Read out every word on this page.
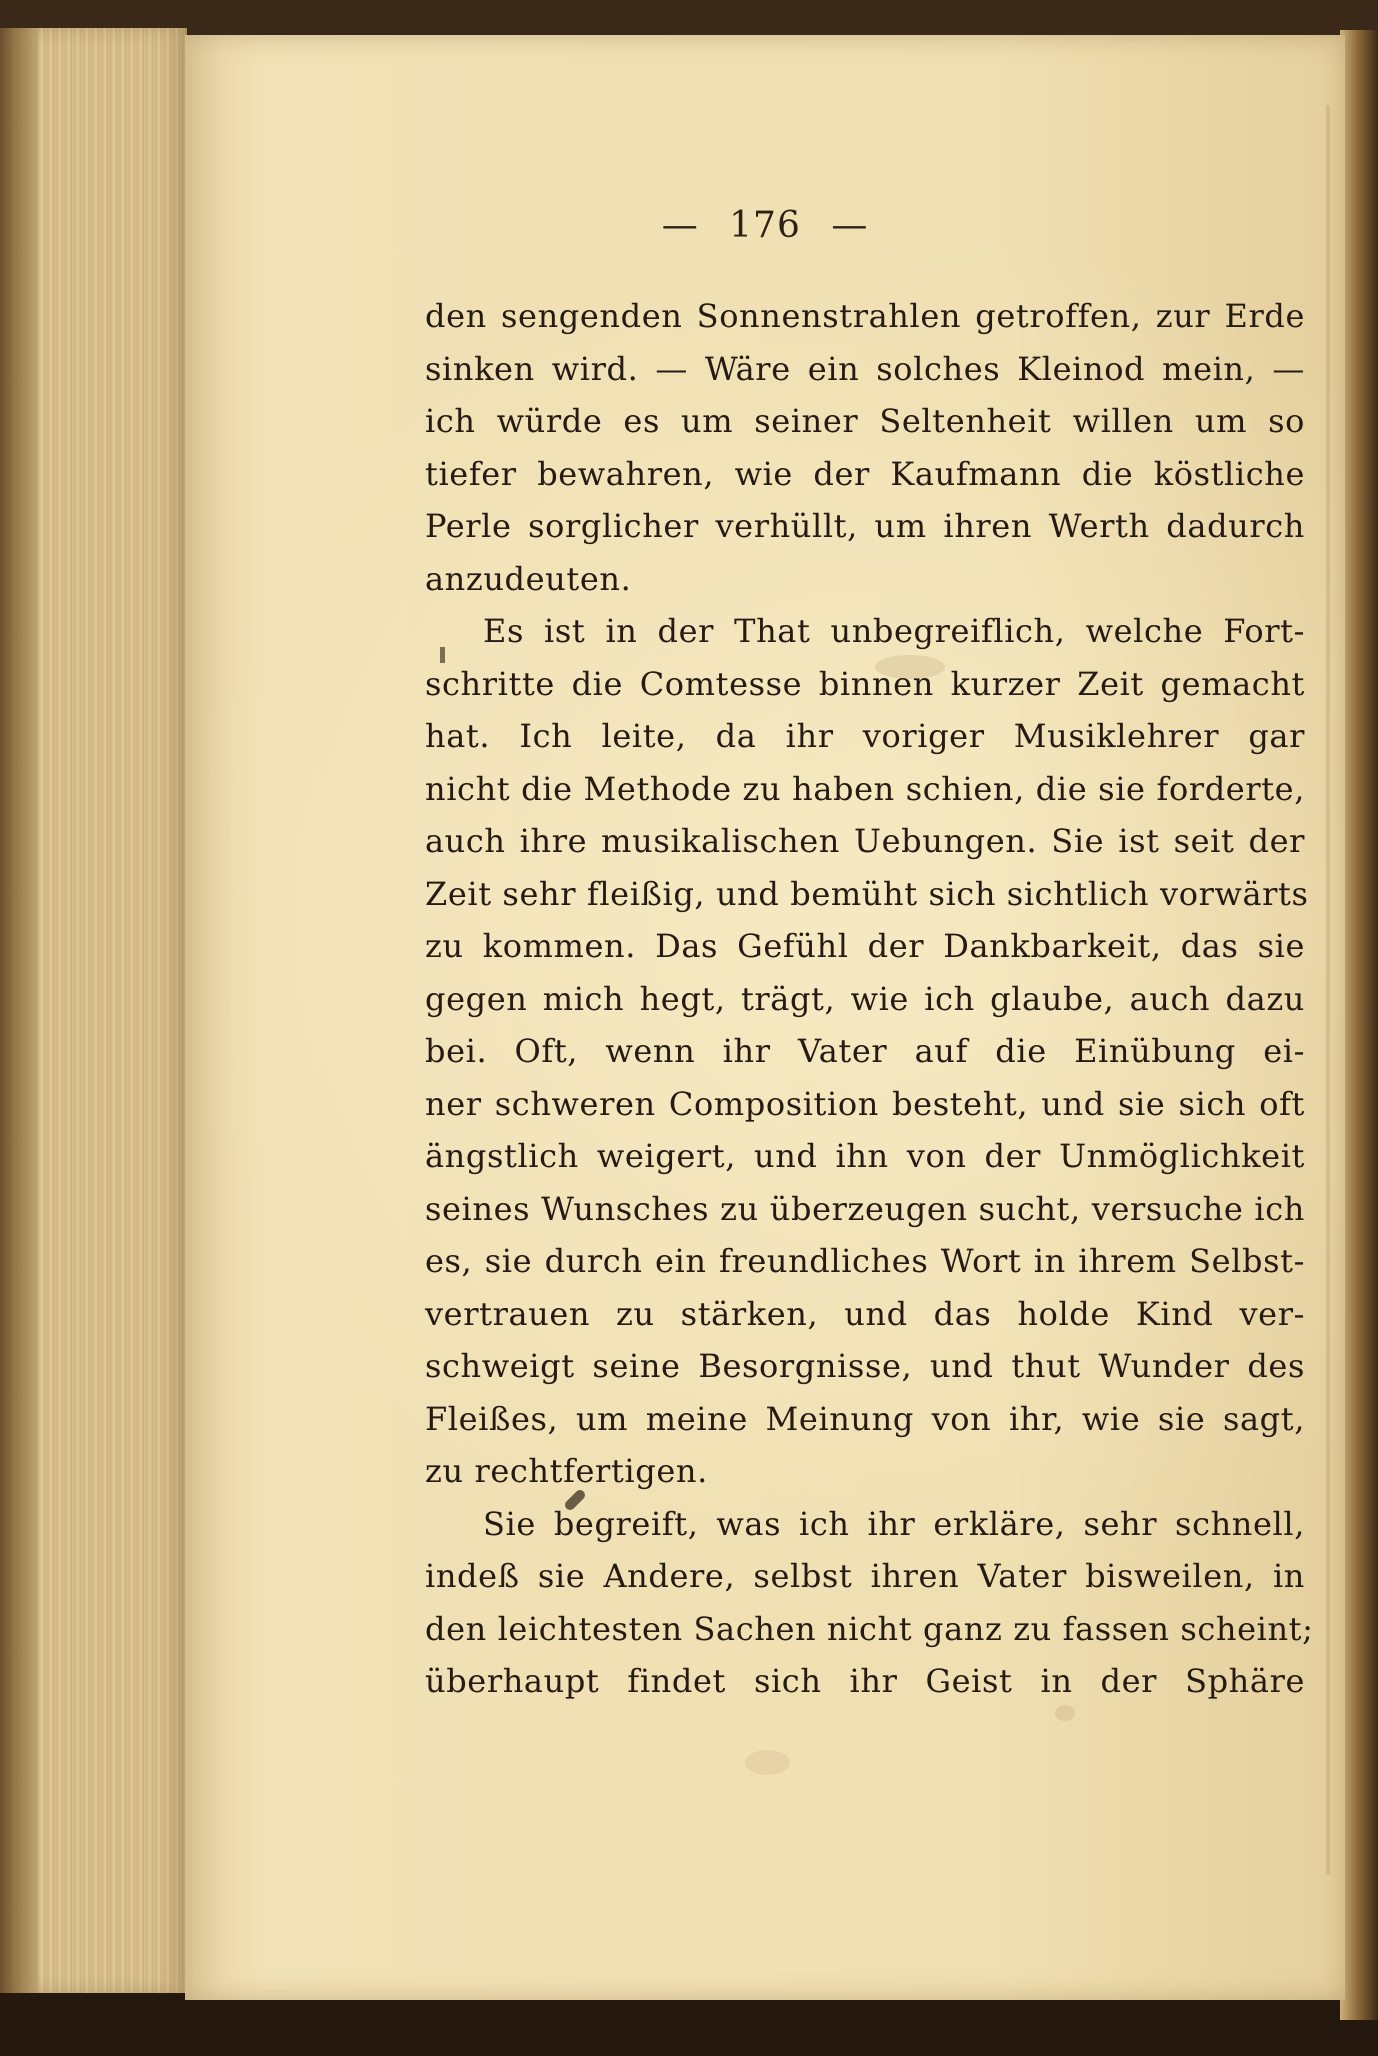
— 176 —
den sengenden Sonnenstrahlen getroffen, zur Erde
sinken wird. — Wäre ein solches Kleinod mein, —
ich würde es um seiner Seltenheit willen um so
tiefer bewahren, wie der Kaufmann die köstliche
Perle sorglicher verhüllt, um ihren Werth dadurch
anzudeuten.
Es ist in der That unbegreiflich, welche Fort-
schritte die Comtesse binnen kurzer Zeit gemacht
hat. Ich leite, da ihr voriger Musiklehrer gar
nicht die Methode zu haben schien, die sie forderte,
auch ihre musikalischen Uebungen. Sie ist seit der
Zeit sehr fleißig, und bemüht sich sichtlich vorwärts
zu kommen. Das Gefühl der Dankbarkeit, das sie
gegen mich hegt, trägt, wie ich glaube, auch dazu
bei. Oft, wenn ihr Vater auf die Einübung ei-
ner schweren Composition besteht, und sie sich oft
ängstlich weigert, und ihn von der Unmöglichkeit
seines Wunsches zu überzeugen sucht, versuche ich
es, sie durch ein freundliches Wort in ihrem Selbst-
vertrauen zu stärken, und das holde Kind ver-
schweigt seine Besorgnisse, und thut Wunder des
Fleißes, um meine Meinung von ihr, wie sie sagt,
zu rechtfertigen.
Sie begreift, was ich ihr erkläre, sehr schnell,
indeß sie Andere, selbst ihren Vater bisweilen, in
den leichtesten Sachen nicht ganz zu fassen scheint;
überhaupt findet sich ihr Geist in der Sphäre
